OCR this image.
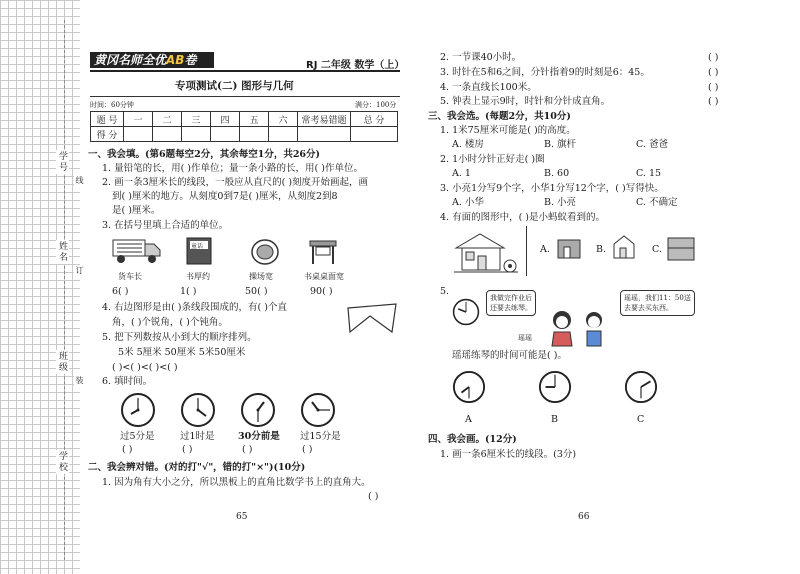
学号
姓名
班级
学校
线
订
装
黄冈名师全优AB卷	RJ 二年级 数学（上）
专项测试(二) 图形与几何
时间：60分钟	满分：100分
题 号	一	二	三	四	五	六	常考易错题	总 分
得 分								
一、我会填。(第6题每空2分，其余每空1分，共26分)
1. 量铅笔的长，用( )作单位；量一条小路的长，用( )作单位。
2. 画一条3厘米长的线段，一般应从直尺的( )刻度开始画起，画
到( )厘米的地方。从刻度0到7是( )厘米，从刻度2到8
是( )厘米。
3. 在括号里填上合适的单位。
童话
货车长	书厚约	操场宽	书桌桌面宽
6( )	1( )	50( )	90( )
4. 右边图形是由( )条线段围成的，有( )个直
角，( )个锐角，( )个钝角。
5. 把下列数按从小到大的顺序排列。
5米 5厘米 50厘米 5米50厘米
( )<( )<( )<( )
6. 填时间。
过5分是	过1时是 30分前是 过15分是
( )	( )	( )	( )
二、我会辨对错。(对的打"√"，错的打"×")(10分)
1. 因为角有大小之分，所以黑板上的直角比数学书上的直角大。
( )
65
2. 一节课40小时。	( )
3. 时针在5和6之间，分针指着9的时刻是6：45。	( )
4. 一条直线长100米。	( )
5. 钟表上显示9时，时针和分针成直角。	( )
三、我会选。(每题2分，共10分)
1. 1米75厘米可能是( )的高度。
A. 楼房	B. 旗杆	C. 爸爸
2. 1小时分针正好走( )圈
A. 1	B. 60	C. 15
3. 小亮1分写9个字，小华1分写12个字，( )写得快。
A. 小华	B. 小亮	C. 不确定
4. 有面的图形中，( )是小蚂蚁看到的。
A.	B.	C.
5.
我做完作业后
还要去练琴。
瑶瑶
瑶瑶，我们11：50送
去要去买东西。
瑶瑶练琴的时间可能是( )。
A	B	C
四、我会画。(12分)
1. 画一条6厘米长的线段。(3分)
66
